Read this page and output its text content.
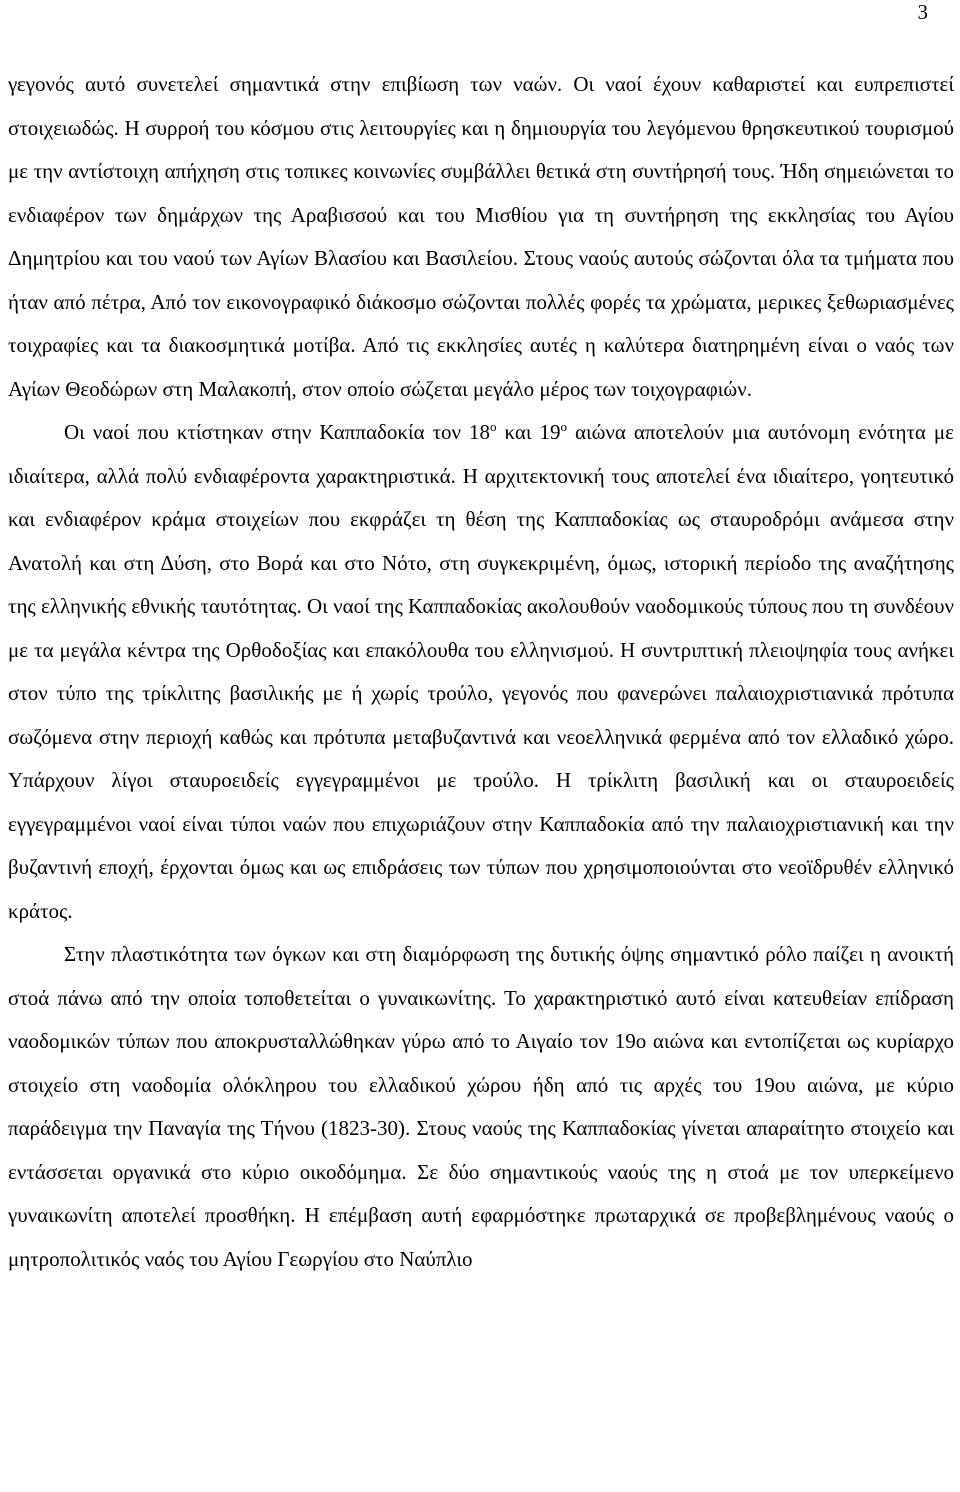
3

γεγονός αυτό συνετελεί σημαντικά στην επιβίωση των ναών. Οι ναοί έχουν καθαριστεί και ευπρεπιστεί στοιχειωδώς. Η συρροή του κόσμου στις λειτουργίες και η δημιουργία του λεγόμενου θρησκευτικού τουρισμού με την αντίστοιχη απήχηση στις τοπικες κοινωνίες συμβάλλει θετικά στη συντήρησή τους. Ήδη σημειώνεται το ενδιαφέρον των δημάρχων της Αραβισσού και του Μισθίου για τη συντήρηση της εκκλησίας του Αγίου Δημητρίου και του ναού των Αγίων Βλασίου και Βασιλείου. Στους ναούς αυτούς σώζονται όλα τα τμήματα που ήταν από πέτρα, Από τον εικονογραφικό διάκοσμο σώζονται πολλές φορές τα χρώματα, μερικες ξεθωριασμένες τοιχραφίες και τα διακοσμητικά μοτίβα. Από τις εκκλησίες αυτές η καλύτερα διατηρημένη είναι ο ναός των Αγίων Θεοδώρων στη Μαλακοπή, στον οποίο σώζεται μεγάλο μέρος των τοιχογραφιών.

Οι ναοί που κτίστηκαν στην Καππαδοκία τον $18^o$ και $19^o$ αιώνα αποτελούν μια αυτόνομη ενότητα με ιδιαίτερα, αλλά πολύ ενδιαφέροντα χαρακτηριστικά. Η αρχιτεκτονική τους αποτελεί ένα ιδιαίτερο, γοητευτικό και ενδιαφέρον κράμα στοιχείων που εκφράζει τη θέση της Καππαδοκίας ως σταυροδρόμι ανάμεσα στην Ανατολή και στη Δύση, στο Βορά και στο Νότο, στη συγκεκριμένη, όμως, ιστορική περίοδο της αναζήτησης της ελληνικής εθνικής ταυτότητας. Οι ναοί της Καππαδοκίας ακολουθούν ναοδομικούς τύπους που τη συνδέουν με τα μεγάλα κέντρα της Ορθοδοξίας και επακόλουθα του ελληνισμού. Η συντριπτική πλειοψηφία τους ανήκει στον τύπο της τρίκλιτης βασιλικής με ή χωρίς τρούλο, γεγονός που φανερώνει παλαιοχριστιανικά πρότυπα σωζόμενα στην περιοχή καθώς και πρότυπα μεταβυζαντινά και νεοελληνικά φερμένα από τον ελλαδικό χώρο. Υπάρχουν λίγοι σταυροειδείς εγγεγραμμένοι με τρούλο. Η τρίκλιτη βασιλική και οι σταυροειδείς εγγεγραμμένοι ναοί είναι τύποι ναών που επιχωριάζουν στην Καππαδοκία από την παλαιοχριστιανική και την βυζαντινή εποχή, έρχονται όμως και ως επιδράσεις των τύπων που χρησιμοποιούνται στο νεοϊδρυθέν ελληνικό κράτος.

Στην πλαστικότητα των όγκων και στη διαμόρφωση της δυτικής όψης σημαντικό ρόλο παίζει η ανοικτή στοά πάνω από την οποία τοποθετείται ο γυναικωνίτης. Το χαρακτηριστικό αυτό είναι κατευθείαν επίδραση ναοδομικών τύπων που αποκρυσταλλώθηκαν γύρω από το Αιγαίο τον 19ο αιώνα και εντοπίζεται ως κυρίαρχο στοιχείο στη ναοδομία ολόκληρου του ελλαδικού χώρου ήδη από τις αρχές του 19ου αιώνα, με κύριο παράδειγμα την Παναγία της Τήνου (1823-30). Στους ναούς της Καππαδοκίας γίνεται απαραίτητο στοιχείο και εντάσσεται οργανικά στο κύριο οικοδόμημα. Σε δύο σημαντικούς ναούς της η στοά με τον υπερκείμενο γυναικωνίτη αποτελεί προσθήκη. Η επέμβαση αυτή εφαρμόστηκε πρωταρχικά σε προβεβλημένους ναούς ο μητροπολιτικός ναός του Αγίου Γεωργίου στο Ναύπλιο
